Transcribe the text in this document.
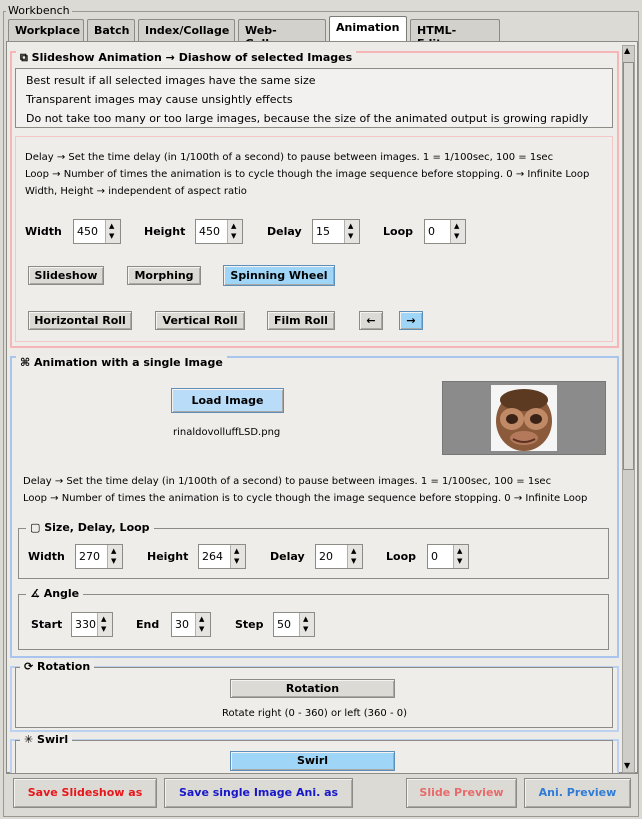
Workbench
Workplace	Batch	Index/Collage	Web-	Animation	HTML-
▲
▼
⧉ Slideshow Animation → Diashow of selected Images
Best result if all selected images have the same size
Transparent images may cause unsightly effects
Do not take too many or too large images, because the size of the animated output is growing rapidly
Delay → Set the time delay (in 1/100th of a second) to pause between images. 1 = 1/100sec, 100 = 1sec
Loop → Number of times the animation is to cycle though the image sequence before stopping. 0 → Infinite Loop
Width, Height → independent of aspect ratio
Width 450 ▲
▼	Height 450 ▲
▼	Delay 15	▲
▼	Loop 0	▲
▼
Slideshow	Morphing	Spinning Wheel
Horizontal Roll	Vertical Roll	Film Roll	←	→
⌘ Animation with a single Image
Load Image
rinaldovolluffLSD.png
Delay → Set the time delay (in 1/100th of a second) to pause between images. 1 = 1/100sec, 100 = 1sec
Loop → Number of times the animation is to cycle though the image sequence before stopping. 0 → Infinite Loop
▢ Size, Delay, Loop
Width 270 ▲
▼	Height 264 ▲
▼	Delay 20	▲
▼	Loop 0	▲
▼
∡ Angle
Start 330 ▲
▼	End 30 ▲
▼	Step 50 ▲
▼
⟳ Rotation
Rotation
Rotate right (0 - 360) or left (360 - 0)
✳ Swirl
Swirl
Save Slideshow as	Save single Image Ani. as	Slide Preview	Ani. Preview
